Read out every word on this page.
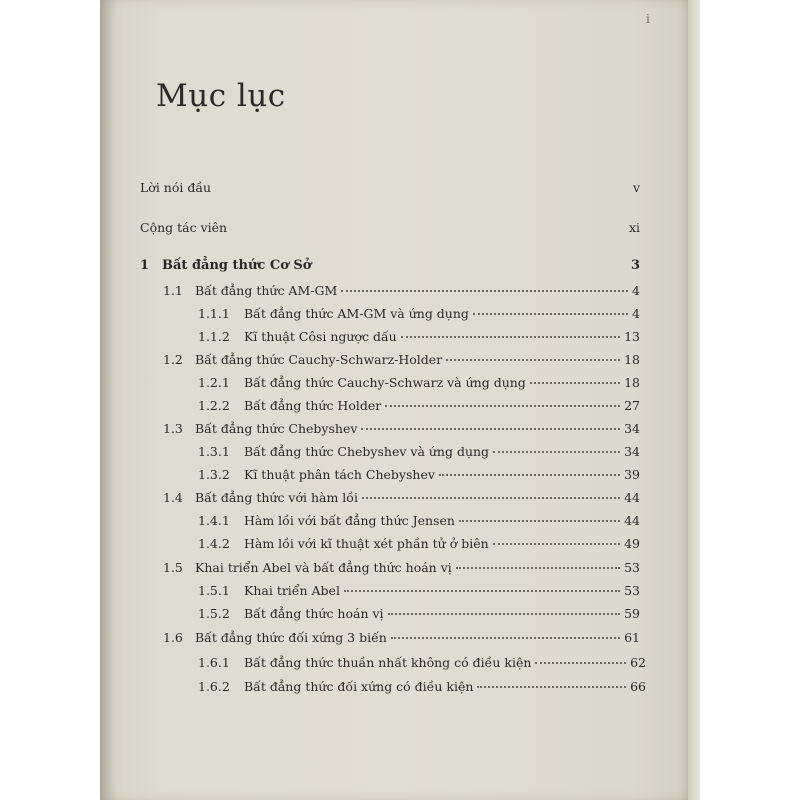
i
Mục lục
Lời nói đầu	v
Cộng tác viên	xi
1 Bất đẳng thức Cơ Sở	3
1.1 Bất đẳng thức AM-GM	4
1.1.1	Bất đẳng thức AM-GM và ứng dụng	4
1.1.2	Kĩ thuật Côsi ngược dấu	13
1.2 Bất đẳng thức Cauchy-Schwarz-Holder	18
1.2.1	Bất đẳng thức Cauchy-Schwarz và ứng dụng	18
1.2.2	Bất đẳng thức Holder	27
1.3 Bất đẳng thức Chebyshev	34
1.3.1	Bất đẳng thức Chebyshev và ứng dụng	34
1.3.2	Kĩ thuật phân tách Chebyshev	39
1.4 Bất đẳng thức với hàm lồi	44
1.4.1	Hàm lồi với bất đẳng thức Jensen	44
1.4.2	Hàm lồi với kĩ thuật xét phần tử ở biên	49
1.5 Khai triển Abel và bất đẳng thức hoán vị	53
1.5.1	Khai triển Abel	53
1.5.2	Bất đẳng thức hoán vị	59
1.6 Bất đẳng thức đối xứng 3 biến	61
1.6.1	Bất đẳng thức thuần nhất không có điều kiện	62
1.6.2	Bất đẳng thức đối xứng có điều kiện	66
